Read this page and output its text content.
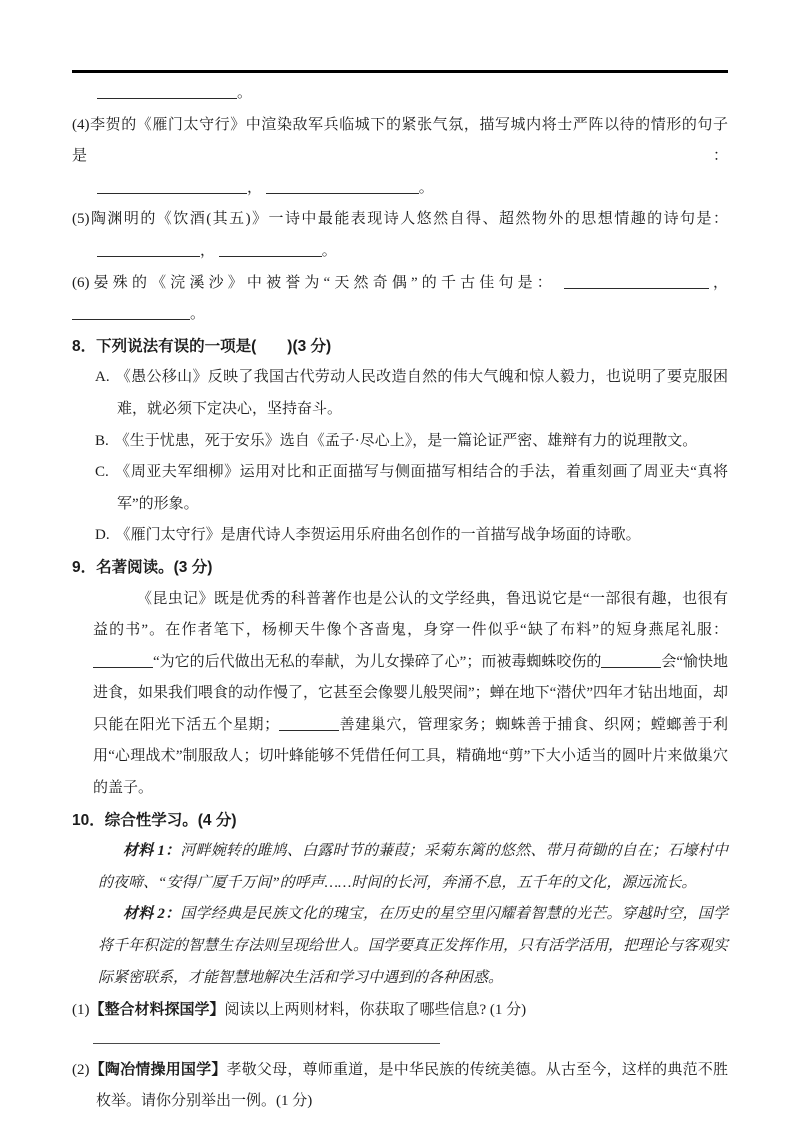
。
(4)李贺的《雁门太守行》中渲染敌军兵临城下的紧张气氛，描写城内将士严阵以待的情形的句子是：
，	。
(5)陶渊明的《饮酒(其五)》一诗中最能表现诗人悠然自得、超然物外的思想情趣的诗句是：
，	。
(6)晏殊的《浣溪沙》中被誉为“天然奇偶”的千古佳句是：	， 。
8．下列说法有误的一项是(　　)(3 分)
A. 《愚公移山》反映了我国古代劳动人民改造自然的伟大气魄和惊人毅力，也说明了要克服困难，就必须下定决心，坚持奋斗。
B. 《生于忧患，死于安乐》选自《孟子·尽心上》，是一篇论证严密、雄辩有力的说理散文。
C. 《周亚夫军细柳》运用对比和正面描写与侧面描写相结合的手法，着重刻画了周亚夫“真将军”的形象。
D. 《雁门太守行》是唐代诗人李贺运用乐府曲名创作的一首描写战争场面的诗歌。
9．名著阅读。(3 分)
《昆虫记》既是优秀的科普著作也是公认的文学经典，鲁迅说它是“一部很有趣，也很有益的书”。在作者笔下，杨柳天牛像个吝啬鬼，身穿一件似乎“缺了布料”的短身燕尾礼服：“为它的后代做出无私的奉献，为儿女操碎了心”；而被毒蜘蛛咬伤的	会“愉快地进食，如果我们喂食的动作慢了，它甚至会像婴儿般哭闹”；蝉在地下“潜伏”四年才钻出地面，却只能在阳光下活五个星期；	善建巢穴，管理家务；蜘蛛善于捕食、织网；螳螂善于利用“心理战术”制服敌人；切叶蜂能够不凭借任何工具，精确地“剪”下大小适当的圆叶片来做巢穴的盖子。
10．综合性学习。(4 分)
材料 1：河畔婉转的雎鸠、白露时节的蒹葭；采菊东篱的悠然、带月荷锄的自在；石壕村中的夜啼、“安得广厦千万间”的呼声……时间的长河，奔涌不息，五千年的文化，源远流长。
材料 2：国学经典是民族文化的瑰宝，在历史的星空里闪耀着智慧的光芒。穿越时空，国学将千年积淀的智慧生存法则呈现给世人。国学要真正发挥作用，只有活学活用，把理论与客观实际紧密联系，才能智慧地解决生活和学习中遇到的各种困惑。
(1)【整合材料探国学】阅读以上两则材料，你获取了哪些信息? (1 分)
(2)【陶冶情操用国学】孝敬父母，尊师重道，是中华民族的传统美德。从古至今，这样的典范不胜枚举。请你分别举出一例。(1 分)
